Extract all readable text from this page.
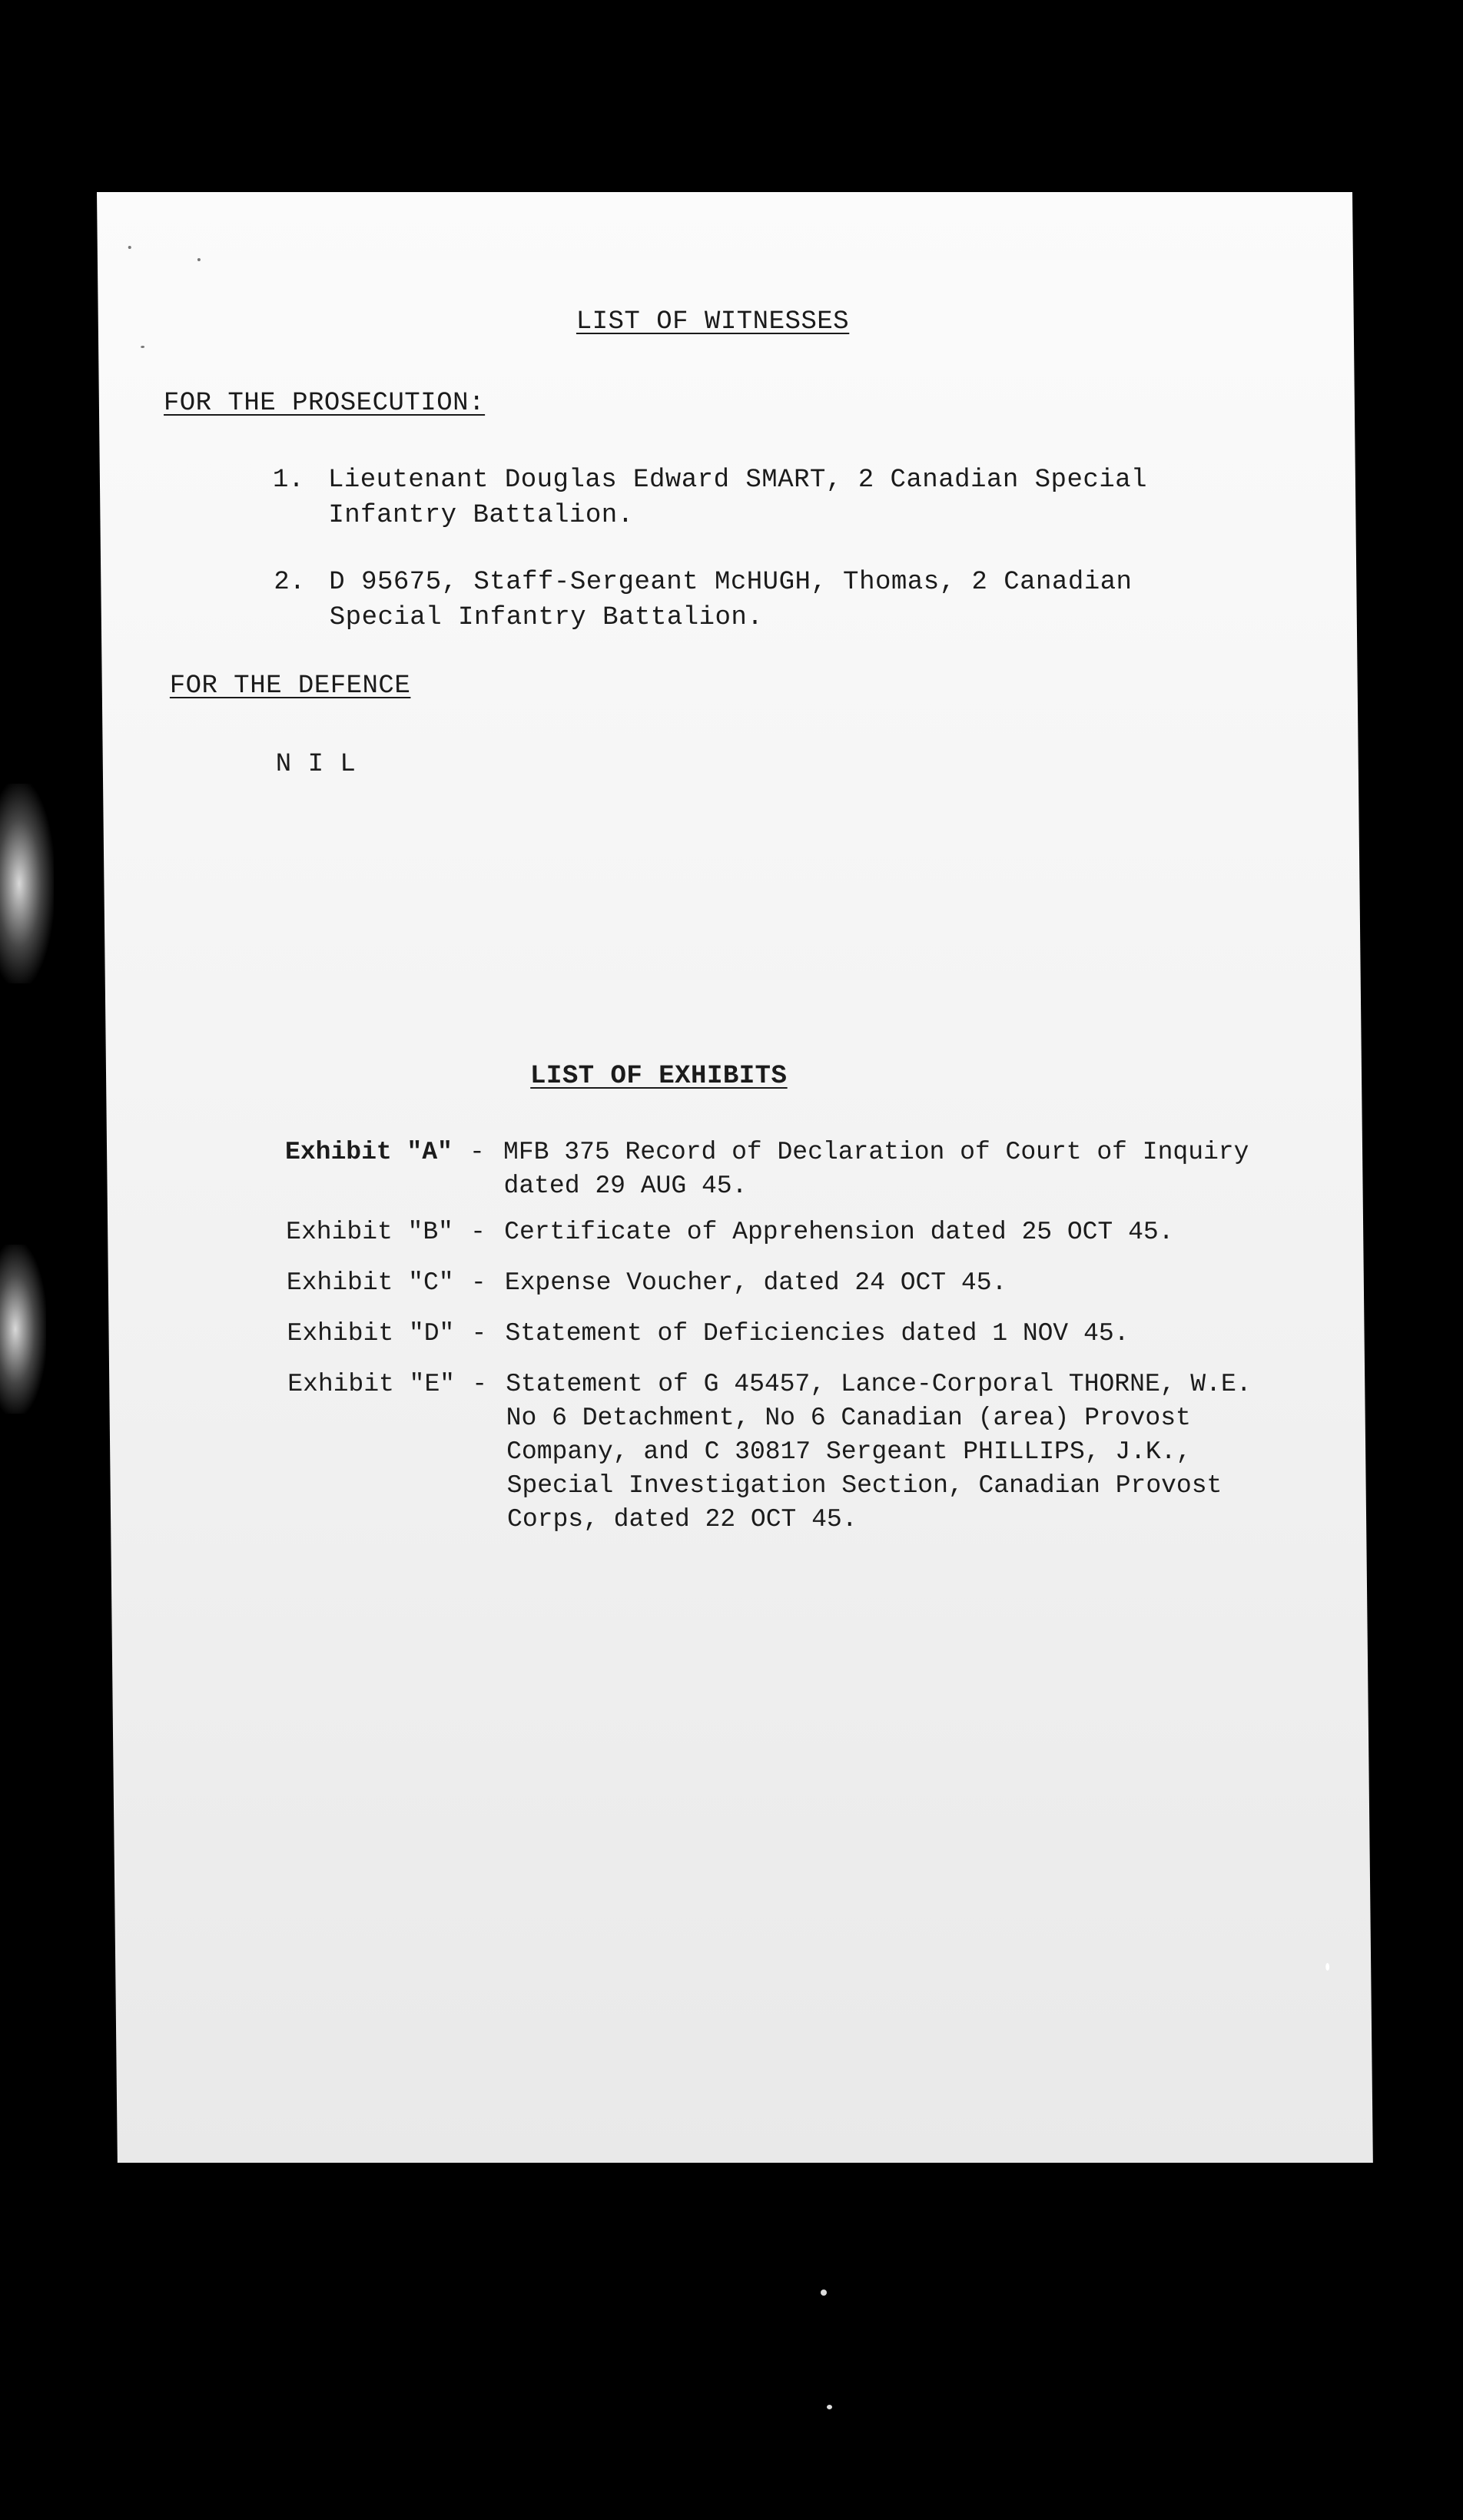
LIST OF WITNESSES
FOR THE PROSECUTION:
1. Lieutenant Douglas Edward SMART, 2 Canadian Special
Infantry Battalion.
2. D 95675, Staff-Sergeant McHUGH, Thomas, 2 Canadian
Special Infantry Battalion.
FOR THE DEFENCE
N I L
LIST OF EXHIBITS
Exhibit "A" - MFB 375 Record of Declaration of Court of Inquiry
dated 29 AUG 45.
Exhibit "B" - Certificate of Apprehension dated 25 OCT 45.
Exhibit "C" - Expense Voucher, dated 24 OCT 45.
Exhibit "D" - Statement of Deficiencies dated 1 NOV 45.
Exhibit "E" - Statement of G 45457, Lance-Corporal THORNE, W.E.
No 6 Detachment, No 6 Canadian (area) Provost
Company, and C 30817 Sergeant PHILLIPS, J.K.,
Special Investigation Section, Canadian Provost
Corps, dated 22 OCT 45.
